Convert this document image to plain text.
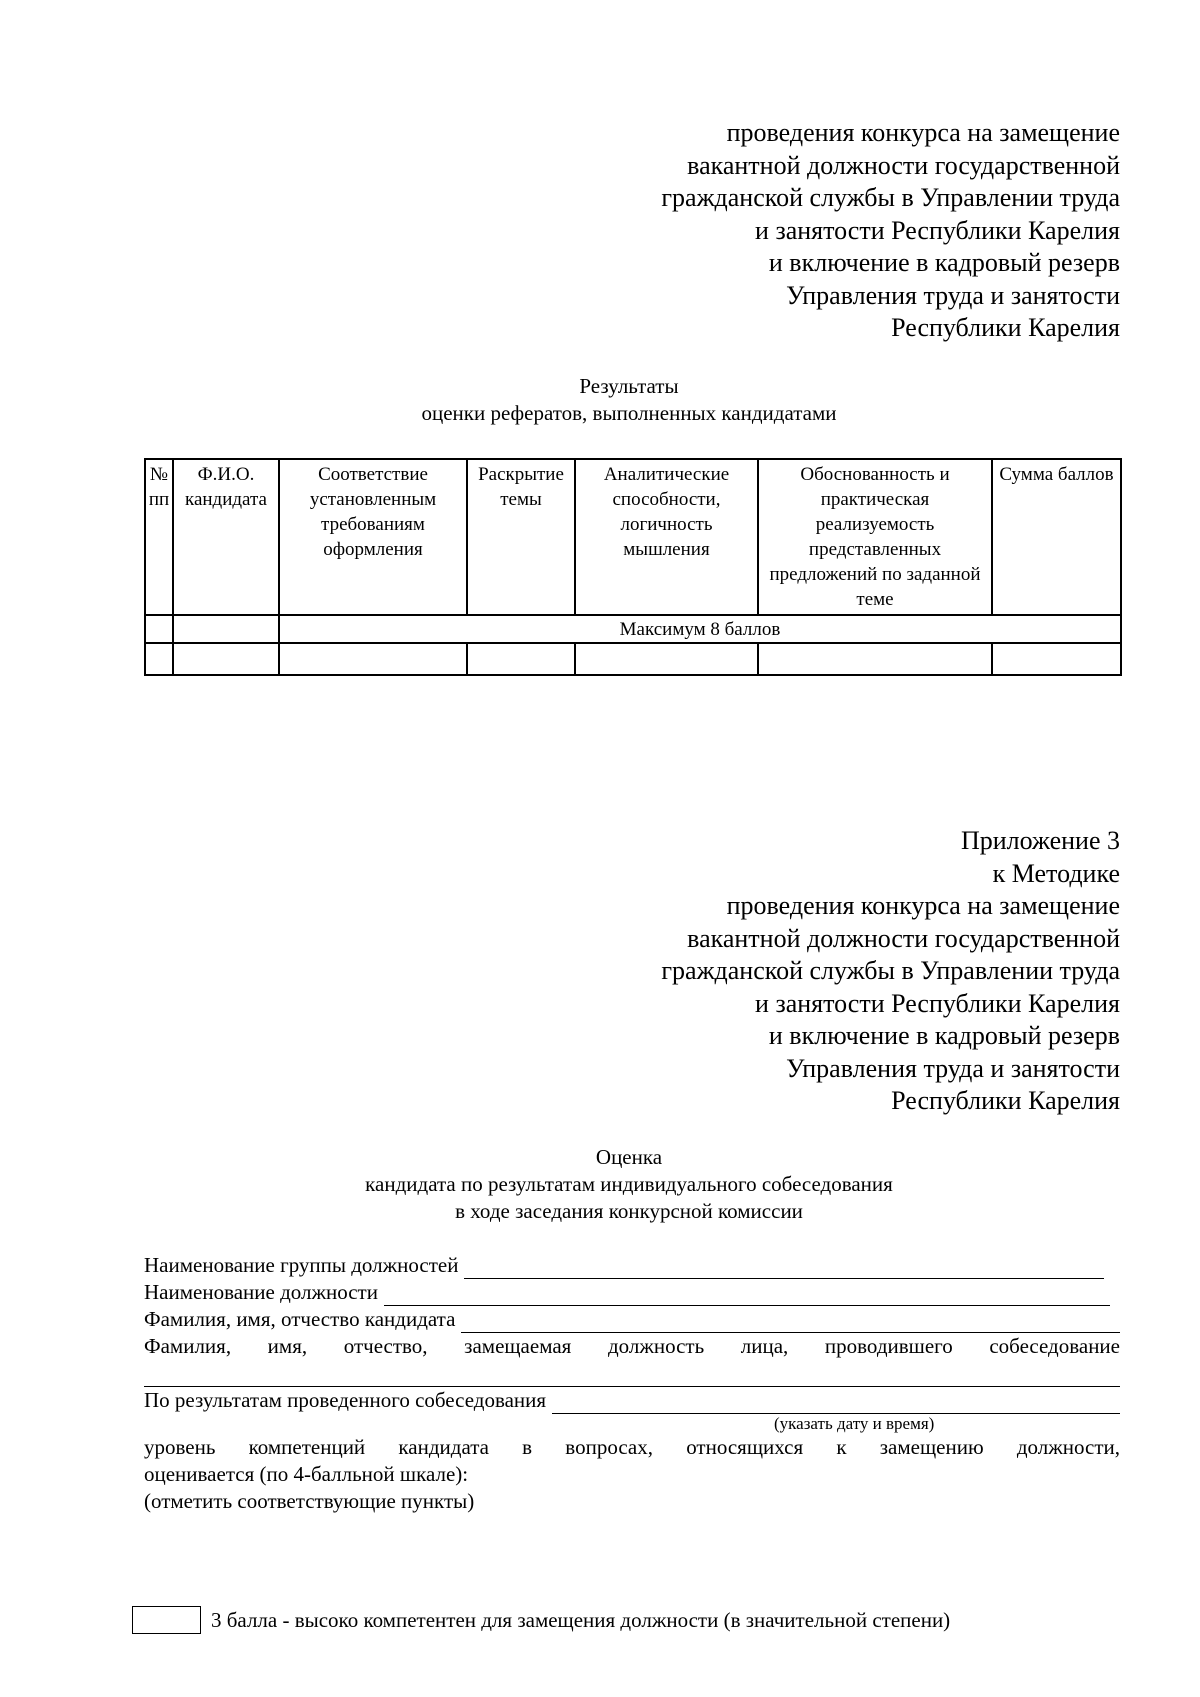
проведения конкурса на замещение
вакантной должности государственной
гражданской службы в Управлении труда
и занятости Республики Карелия
и включение в кадровый резерв
Управления труда и занятости
Республики Карелия
Результаты
оценки рефератов, выполненных кандидатами
№ пп	Ф.И.О. кандидата	Соответствие установленным требованиям оформления	Раскрытие темы	Аналитические способности, логичность мышления	Обоснованность и практическая реализуемость представленных предложений по заданной теме	Сумма баллов
		Максимум 8 баллов				

Приложение 3
к Методике
проведения конкурса на замещение
вакантной должности государственной
гражданской службы в Управлении труда
и занятости Республики Карелия
и включение в кадровый резерв
Управления труда и занятости
Республики Карелия
Оценка
кандидата по результатам индивидуального собеседования
в ходе заседания конкурсной комиссии
Наименование группы должностей
Наименование должности
Фамилия, имя, отчество кандидата
Фамилия, имя, отчество, замещаемая должность лица, проводившего собеседование
По результатам проведенного собеседования
(указать дату и время)
уровень компетенций кандидата в вопросах, относящихся к замещению должности,
оценивается (по 4-балльной шкале):
(отметить соответствующие пункты)
3 балла - высоко компетентен для замещения должности (в значительной степени)
